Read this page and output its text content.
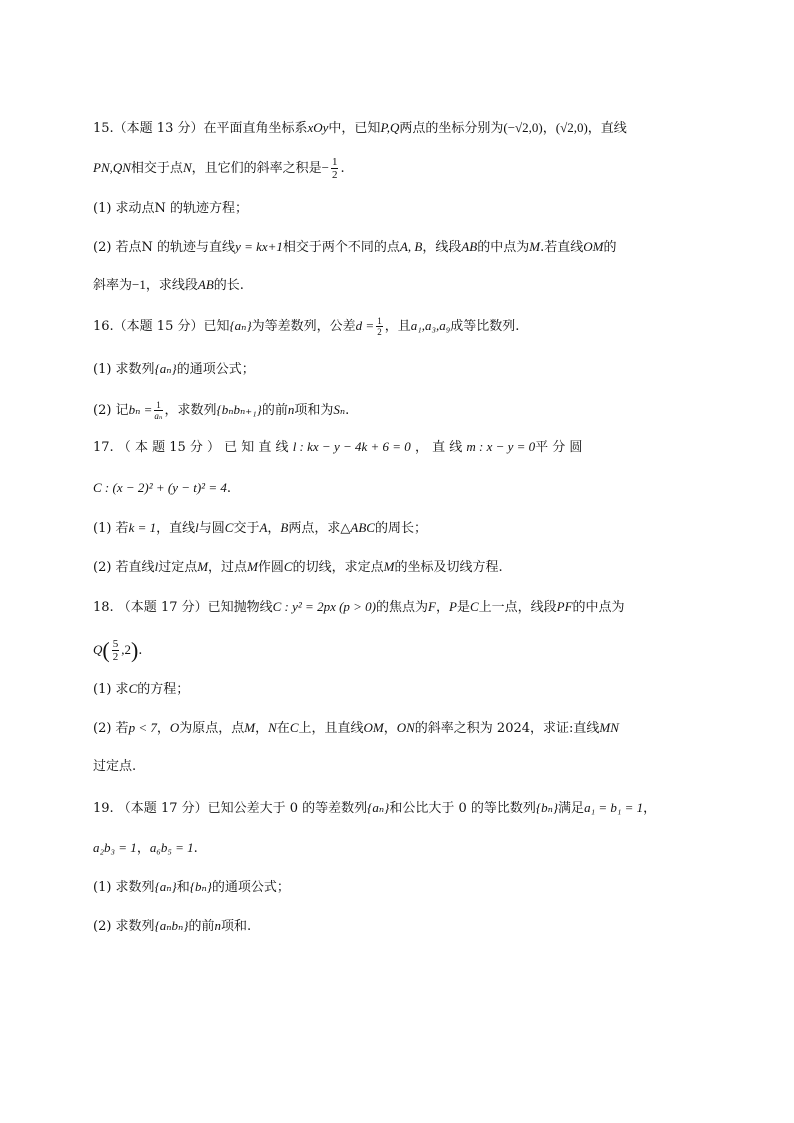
15.（本题 13 分）在平面直角坐标系xOy中，已知P,Q两点的坐标分别为(−√2,0)，(√2,0)，直线
PN,QN相交于点N，且它们的斜率之积是− $\frac{1}{2}$ .
(1) 求动点N 的轨迹方程；
(2) 若点N 的轨迹与直线y = kx+1相交于两个不同的点A, B，线段AB的中点为M.若直线OM的
斜率为−1，求线段AB的长.
16.（本题 15 分）已知{aₙ}为等差数列，公差$d = \frac{1}{2}$ ，且a₁,a₃,a₉成等比数列.
(1) 求数列{aₙ}的通项公式；
(2) 记$b_n = \frac{1}{\text{aₙ}}$ ，求数列{bₙbₙ₊₁}的前n项和为Sₙ.
17. （ 本 题 15 分 ） 已 知 直 线 l : kx − y − 4k + 6 = 0 ， 直 线 m : x − y = 0平 分 圆
C : (x − 2)² + (y − t)² = 4.
(1) 若k = 1，直线l与圆C交于A，B两点，求△ABC的周长；
(2) 若直线l过定点M，过点M作圆C的切线，求定点M的坐标及切线方程.
18. （本题 17 分）已知抛物线C : y² = 2px (p > 0)的焦点为F，P是C上一点，线段PF的中点为
$Q( \frac{5}{2} ,2)$.
(1) 求C的方程；
(2) 若p < 7，O为原点，点M，N在C上，且直线OM，ON的斜率之积为 2024，求证:直线MN
过定点.
19. （本题 17 分）已知公差大于 0 的等差数列{aₙ}和公比大于 0 的等比数列{bₙ}满足a₁ = b₁ = 1，
a₂b₃ = 1，a₆b₅ = 1.
(1) 求数列{aₙ}和{bₙ}的通项公式；
(2) 求数列{aₙbₙ}的前n项和.
